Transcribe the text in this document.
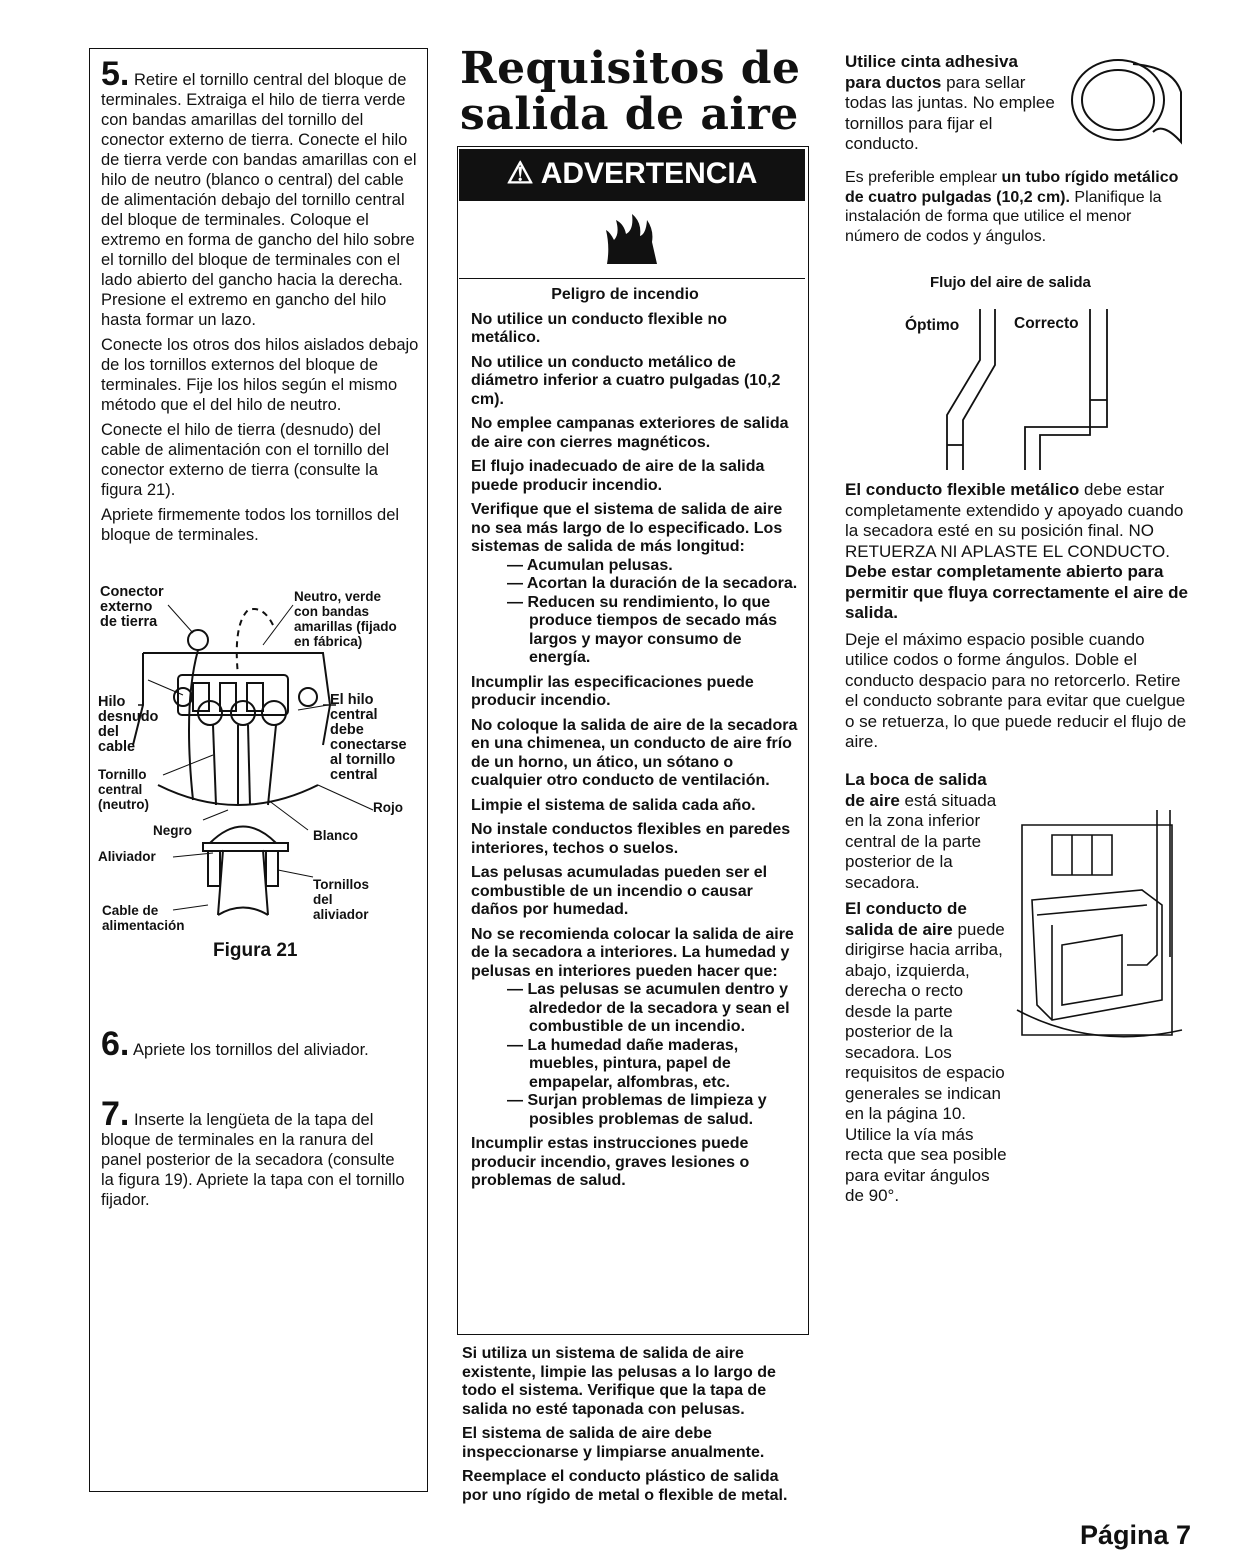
5. Retire el tornillo central del bloque de terminales. Extraiga el hilo de tierra verde con bandas amarillas del tornillo del conector externo de tierra. Conecte el hilo de tierra verde con bandas amarillas con el hilo de neutro (blanco o central) del cable de alimentación debajo del tornillo central del bloque de terminales. Coloque el extremo en forma de gancho del hilo sobre el tornillo del bloque de terminales con el lado abierto del gancho hacia la derecha. Presione el extremo en gancho del hilo hasta formar un lazo.

Conecte los otros dos hilos aislados debajo de los tornillos externos del bloque de terminales. Fije los hilos según el mismo método que el del hilo de neutro.

Conecte el hilo de tierra (desnudo) del cable de alimentación con el tornillo del conector externo de tierra (consulte la figura 21).

Apriete firmemente todos los tornillos del bloque de terminales.

Conector
externo
de tierra
Neutro, verde
con bandas
amarillas (fijado
en fábrica)
Hilo
desnudo
del
cable
El hilo
central
debe
conectarse
al tornillo
central
Tornillo
central
(neutro)	Rojo
Negro	Blanco
Aliviador
Tornillos
del
aliviador
Cable de
alimentación
Figura 21

6. Apriete los tornillos del aliviador.

7. Inserte la lengüeta de la tapa del bloque de terminales en la ranura del panel posterior de la secadora (consulte la figura 19). Apriete la tapa con el tornillo fijador.

Requisitos de
salida de aire
⚠ ADVERTENCIA

Peligro de incendio

No utilice un conducto flexible no metálico.

No utilice un conducto metálico de diámetro inferior a cuatro pulgadas (10,2 cm).

No emplee campanas exteriores de salida de aire con cierres magnéticos.

El flujo inadecuado de aire de la salida puede producir incendio.

Verifique que el sistema de salida de aire no sea más largo de lo especificado. Los sistemas de salida de más longitud:

— Acumulan pelusas.

— Acortan la duración de la secadora.

— Reducen su rendimiento, lo que produce tiempos de secado más largos y mayor consumo de energía.

Incumplir las especificaciones puede producir incendio.

No coloque la salida de aire de la secadora en una chimenea, un conducto de aire frío de un horno, un ático, un sótano o cualquier otro conducto de ventilación.

Limpie el sistema de salida cada año.

No instale conductos flexibles en paredes interiores, techos o suelos.

Las pelusas acumuladas pueden ser el combustible de un incendio o causar daños por humedad.

No se recomienda colocar la salida de aire de la secadora a interiores. La humedad y pelusas en interiores pueden hacer que:

— Las pelusas se acumulen dentro y alrededor de la secadora y sean el combustible de un incendio.

— La humedad dañe maderas, muebles, pintura, papel de empapelar, alfombras, etc.

— Surjan problemas de limpieza y posibles problemas de salud.

Incumplir estas instrucciones puede producir incendio, graves lesiones o problemas de salud.

Si utiliza un sistema de salida de aire existente, limpie las pelusas a lo largo de todo el sistema. Verifique que la tapa de salida no esté taponada con pelusas.

El sistema de salida de aire debe inspeccionarse y limpiarse anualmente.

Reemplace el conducto plástico de salida por uno rígido de metal o flexible de metal.

Utilice cinta adhesiva para ductos para sellar todas las juntas. No emplee tornillos para fijar el conducto.

Es preferible emplear un tubo rígido metálico de cuatro pulgadas (10,2 cm). Planifique la instalación de forma que utilice el menor número de codos y ángulos.

Flujo del aire de salida
Óptimo	Correcto

El conducto flexible metálico debe estar completamente extendido y apoyado cuando la secadora esté en su posición final. NO RETUERZA NI APLASTE EL CONDUCTO. Debe estar completamente abierto para permitir que fluya correctamente el aire de salida.

Deje el máximo espacio posible cuando utilice codos o forme ángulos. Doble el conducto despacio para no retorcerlo. Retire el conducto sobrante para evitar que cuelgue o se retuerza, lo que puede reducir el flujo de aire.

La boca de salida de aire está situada en la zona inferior central de la parte posterior de la secadora.

El conducto de salida de aire puede dirigirse hacia arriba, abajo, izquierda, derecha o recto desde la parte posterior de la secadora. Los requisitos de espacio generales se indican en la página 10. Utilice la vía más recta que sea posible para evitar ángulos de 90°.

Página 7
